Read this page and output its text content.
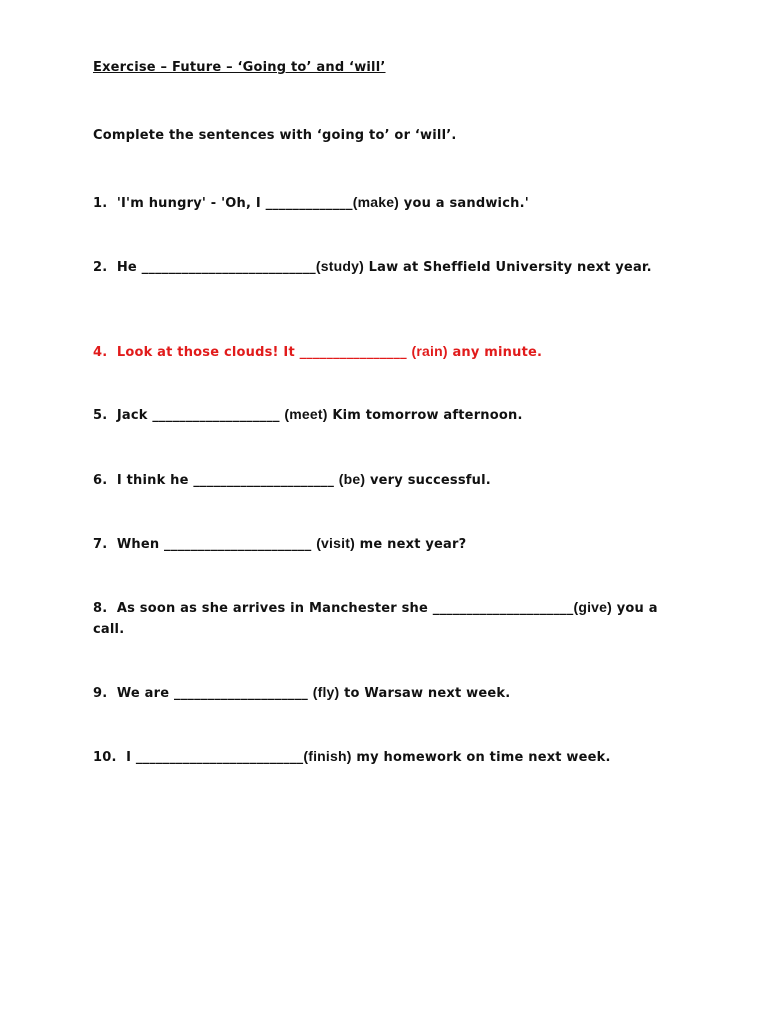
Exercise – Future – ‘Going to’ and ‘will’
Complete the sentences with ‘going to’ or ‘will’.
1. 'I'm hungry' - 'Oh, I _____________(make) you a sandwich.'
2. He __________________________(study) Law at Sheffield University next year.
4. Look at those clouds! It ________________ (rain) any minute.
5. Jack ___________________ (meet) Kim tomorrow afternoon.
6. I think he _____________________ (be) very successful.
7. When ______________________ (visit) me next year?
8. As soon as she arrives in Manchester she _____________________(give) you a call.
9. We are ____________________ (fly) to Warsaw next week.
10. I _________________________(finish) my homework on time next week.
